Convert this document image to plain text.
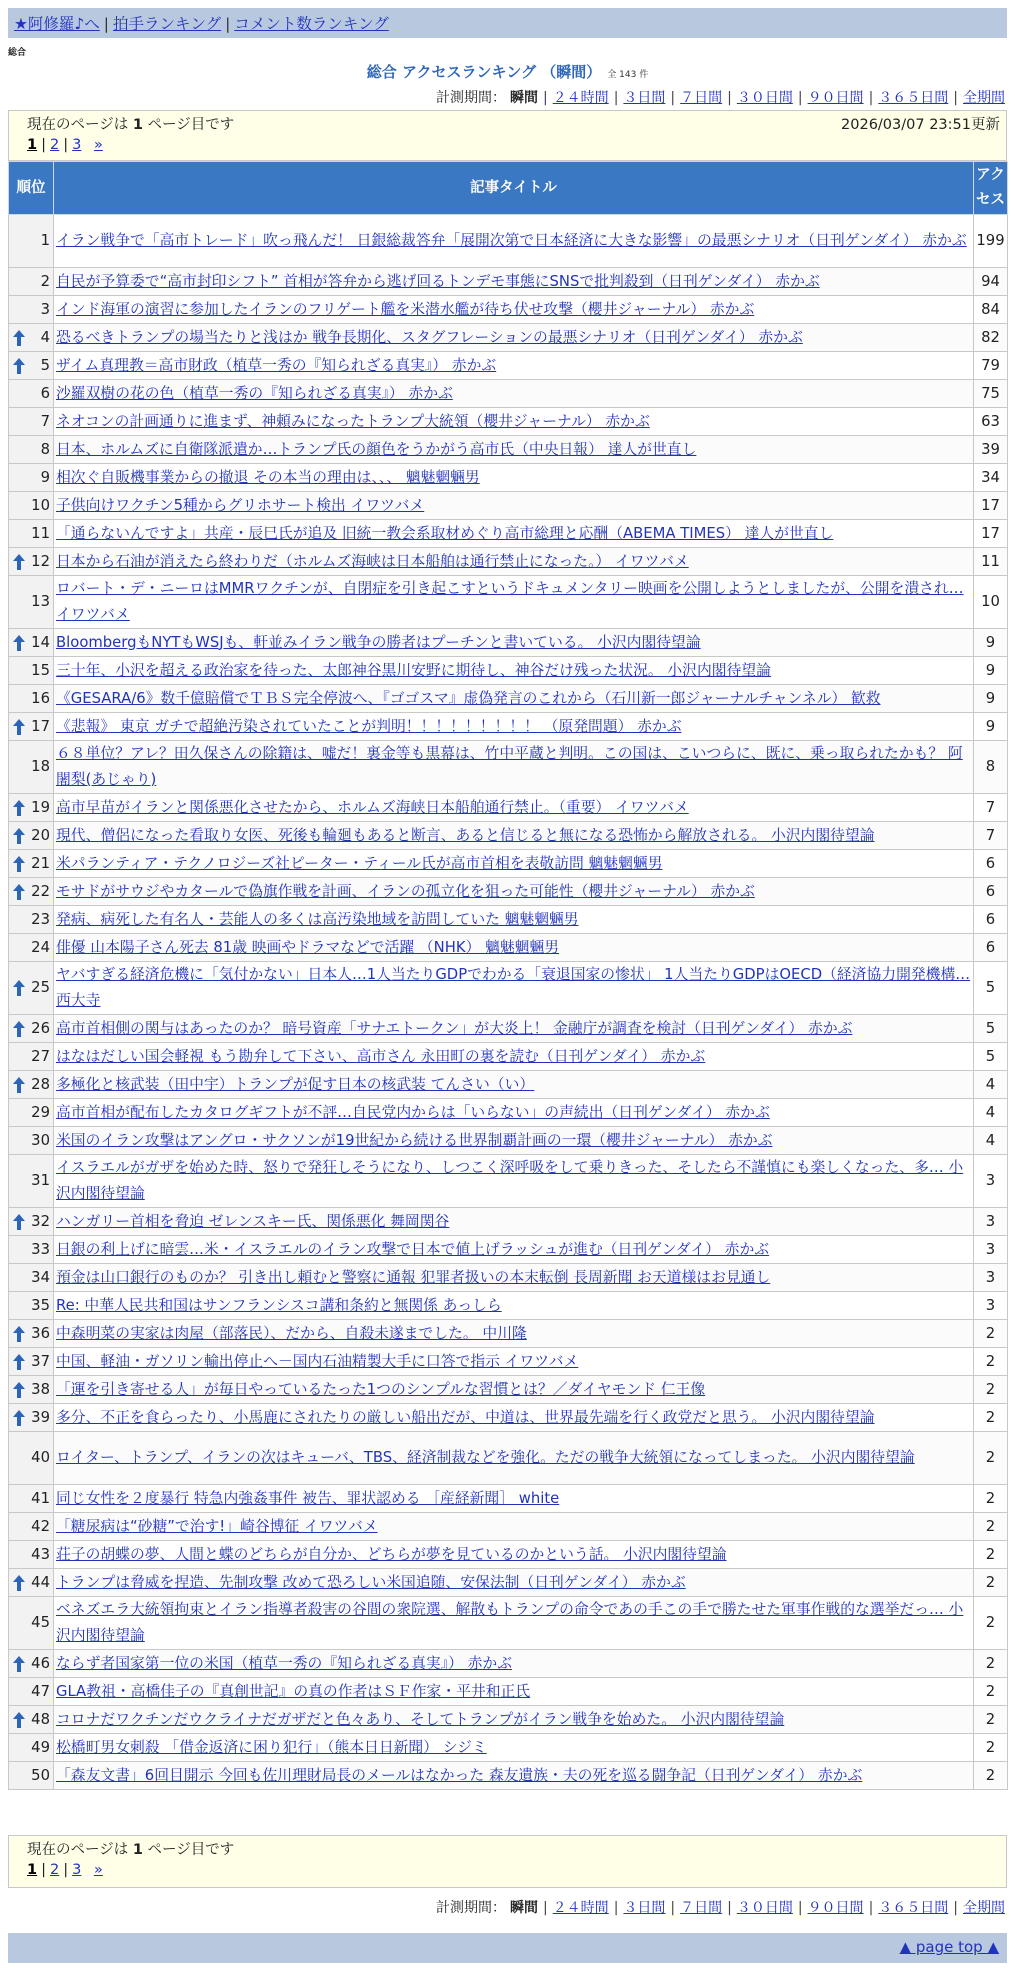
★阿修羅♪へ | 拍手ランキング | コメント数ランキング
総合
総合 アクセスランキング （瞬間） 全 143 件
計測期間： 瞬間 | ２４時間 | ３日間 | ７日間 | ３０日間 | ９０日間 | ３６５日間 | 全期間
現在のページは 1 ページ目です	2026/03/07 23:51更新
1 | 2 | 3 »
順位	記事タイトル	アクセス
1	イラン戦争で「高市トレード」吹っ飛んだ！ 日銀総裁答弁「展開次第で日本経済に大きな影響」の最悪シナリオ（日刊ゲンダイ） 赤かぶ	199
2	自民が予算委で“高市封印シフト” 首相が答弁から逃げ回るトンデモ事態にSNSで批判殺到（日刊ゲンダイ） 赤かぶ	94
3	インド海軍の演習に参加したイランのフリゲート艦を米潜水艦が待ち伏せ攻撃（櫻井ジャーナル） 赤かぶ	84

4	恐るべきトランプの場当たりと浅はか 戦争長期化、スタグフレーションの最悪シナリオ（日刊ゲンダイ） 赤かぶ	82

5	ザイム真理教＝高市財政（植草一秀の『知られざる真実』） 赤かぶ	79
6	沙羅双樹の花の色（植草一秀の『知られざる真実』） 赤かぶ	75
7	ネオコンの計画通りに進まず、神頼みになったトランプ大統領（櫻井ジャーナル） 赤かぶ	63
8	日本、ホルムズに自衛隊派遣か…トランプ氏の顔色をうかがう高市氏（中央日報） 達人が世直し	39
9	相次ぐ自販機事業からの撤退 その本当の理由は、、、 魑魅魍魎男	34
10	子供向けワクチン5種からグリホサート検出 イワツバメ	17
11	「通らないんですよ」共産・辰巳氏が追及 旧統一教会系取材めぐり高市総理と応酬（ABEMA TIMES） 達人が世直し	17

12	日本から石油が消えたら終わりだ（ホルムズ海峡は日本船舶は通行禁止になった。） イワツバメ	11
13	ロバート・デ・ニーロはMMRワクチンが、自閉症を引き起こすというドキュメンタリー映画を公開しようとしましたが、公開を潰され… イワツバメ	10

14	BloombergもNYTもWSJも、軒並みイラン戦争の勝者はプーチンと書いている。 小沢内閣待望論	9
15	三十年、小沢を超える政治家を待った、太郎神谷黒川安野に期待し、神谷だけ残った状況。 小沢内閣待望論	9
16	《GESARA/6》数千億賠償でＴＢＳ完全停波へ、『ゴゴスマ』虚偽発言のこれから（石川新一郎ジャーナルチャンネル） 歓救	9

17	《悲報》 東京 ガチで超絶汚染されていたことが判明！！！！！！！！！ （原発問題） 赤かぶ	9
18	６８単位？アレ？田久保さんの除籍は、嘘だ！裏金等も黒幕は、竹中平蔵と判明。この国は、こいつらに、既に、乗っ取られたかも？ 阿闍梨(あじゃり)	8

19	高市早苗がイランと関係悪化させたから、ホルムズ海峡日本船舶通行禁止。（重要） イワツバメ	7

20	現代、僧侶になった看取り女医、死後も輪廻もあると断言、あると信じると無になる恐怖から解放される。 小沢内閣待望論	7

21	米パランティア・テクノロジーズ社ピーター・ティール氏が高市首相を表敬訪問 魑魅魍魎男	6

22	モサドがサウジやカタールで偽旗作戦を計画、イランの孤立化を狙った可能性（櫻井ジャーナル） 赤かぶ	6
23	発病、病死した有名人・芸能人の多くは高汚染地域を訪問していた 魑魅魍魎男	6
24	俳優 山本陽子さん死去 81歳 映画やドラマなどで活躍 （NHK） 魑魅魍魎男	6

25	ヤバすぎる経済危機に「気付かない」日本人…1人当たりGDPでわかる「衰退国家の惨状」 1人当たりGDPはOECD（経済協力開発機構… 西大寺	5

26	高市首相側の関与はあったのか？ 暗号資産「サナエトークン」が大炎上！ 金融庁が調査を検討（日刊ゲンダイ） 赤かぶ	5
27	はなはだしい国会軽視 もう勘弁して下さい、高市さん 永田町の裏を読む（日刊ゲンダイ） 赤かぶ	5

28	多極化と核武装（田中宇）トランプが促す日本の核武装 てんさい（い）	4
29	高市首相が配布したカタログギフトが不評…自民党内からは「いらない」の声続出（日刊ゲンダイ） 赤かぶ	4
30	米国のイラン攻撃はアングロ・サクソンが19世紀から続ける世界制覇計画の一環（櫻井ジャーナル） 赤かぶ	4
31	イスラエルがガザを始めた時、怒りで発狂しそうになり、しつこく深呼吸をして乗りきった、そしたら不謹慎にも楽しくなった、多… 小沢内閣待望論	3

32	ハンガリー首相を脅迫 ゼレンスキー氏、関係悪化 舞岡関谷	3
33	日銀の利上げに暗雲…米・イスラエルのイラン攻撃で日本で値上げラッシュが進む（日刊ゲンダイ） 赤かぶ	3
34	預金は山口銀行のものか？ 引き出し頼むと警察に通報 犯罪者扱いの本末転倒 長周新聞 お天道様はお見通し	3
35	Re: 中華人民共和国はサンフランシスコ講和条約と無関係 あっしら	3

36	中森明菜の実家は肉屋（部落民）、だから、自殺未遂までした。 中川隆	2

37	中国、軽油・ガソリン輸出停止へ－国内石油精製大手に口答で指示 イワツバメ	2

38	「運を引き寄せる人」が毎日やっているたった1つのシンプルな習慣とは？／ダイヤモンド 仁王像	2

39	多分、不正を食らったり、小馬鹿にされたりの厳しい船出だが、中道は、世界最先端を行く政党だと思う。 小沢内閣待望論	2
40	ロイター、トランプ、イランの次はキューバ、TBS、経済制裁などを強化。ただの戦争大統領になってしまった。 小沢内閣待望論	2
41	同じ女性を２度暴行 特急内強姦事件 被告、罪状認める ［産経新聞］ white	2
42	「糖尿病は“砂糖”で治す!」崎谷博征 イワツバメ	2
43	荘子の胡蝶の夢、人間と蝶のどちらが自分か、どちらが夢を見ているのかという話。 小沢内閣待望論	2

44	トランプは脅威を捏造、先制攻撃 改めて恐ろしい米国追随、安保法制（日刊ゲンダイ） 赤かぶ	2
45	ベネズエラ大統領拘束とイラン指導者殺害の谷間の衆院選、解散もトランプの命令であの手この手で勝たせた軍事作戦的な選挙だっ… 小沢内閣待望論	2

46	ならず者国家第一位の米国（植草一秀の『知られざる真実』） 赤かぶ	2
47	GLA教祖・高橋佳子の『真創世記』の真の作者はＳＦ作家・平井和正氏	2

48	コロナだワクチンだウクライナだガザだと色々あり、そしてトランプがイラン戦争を始めた。 小沢内閣待望論	2
49	松橋町男女刺殺 「借金返済に困り犯行」（熊本日日新聞） シジミ	2
50	「森友文書」6回目開示 今回も佐川理財局長のメールはなかった 森友遺族・夫の死を巡る闘争記（日刊ゲンダイ） 赤かぶ	2
現在のページは 1 ページ目です
1 | 2 | 3 »
計測期間： 瞬間 | ２４時間 | ３日間 | ７日間 | ３０日間 | ９０日間 | ３６５日間 | 全期間
▲ page top ▲
